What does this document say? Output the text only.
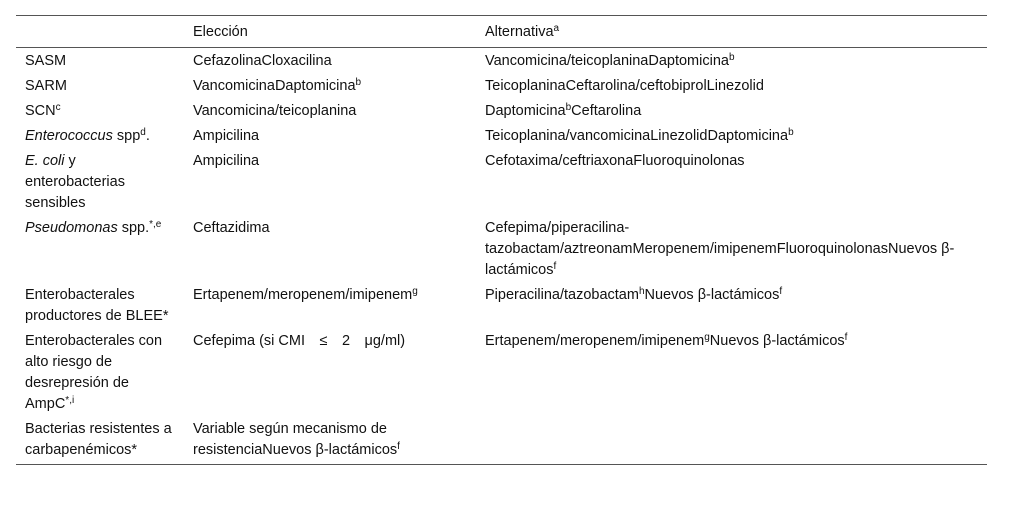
	Elección	Alternativa$^a$
SASM	CefazolinaCloxacilina	Vancomicina/teicoplaninaDaptomicina$^b$
SARM	VancomicinaDaptomicina$^b$	TeicoplaninaCeftarolina/ceftobiprolLinezolid
SCN$^c$	Vancomicina/teicoplanina	Daptomicina$^b$Ceftarolina
Enterococcus spp$^d$.	Ampicilina	Teicoplanina/vancomicinaLinezolidDaptomicina$^b$
E. coli y enterobacterias sensibles	Ampicilina	Cefotaxima/ceftriaxonaFluoroquinolonas
Pseudomonas spp.$^{*,e}$	Ceftazidima	Cefepima/piperacilina-tazobactam/aztreonamMeropenem/imipenemFluoroquinolonasNuevos β-lactámicos$^f$
Enterobacterales productores de BLEE*	Ertapenem/meropenem/imipenem$^g$	Piperacilina/tazobactam$^h$Nuevos β-lactámicos$^f$
Enterobacterales con alto riesgo de desrepresión de AmpC$^{*,i}$	Cefepima (si CMI ≤ 2 μg/ml)	Ertapenem/meropenem/imipenem$^g$Nuevos β-lactámicos$^f$
Bacterias resistentes a carbapenémicos*	Variable según mecanismo de resistenciaNuevos β-lactámicos$^f$	
